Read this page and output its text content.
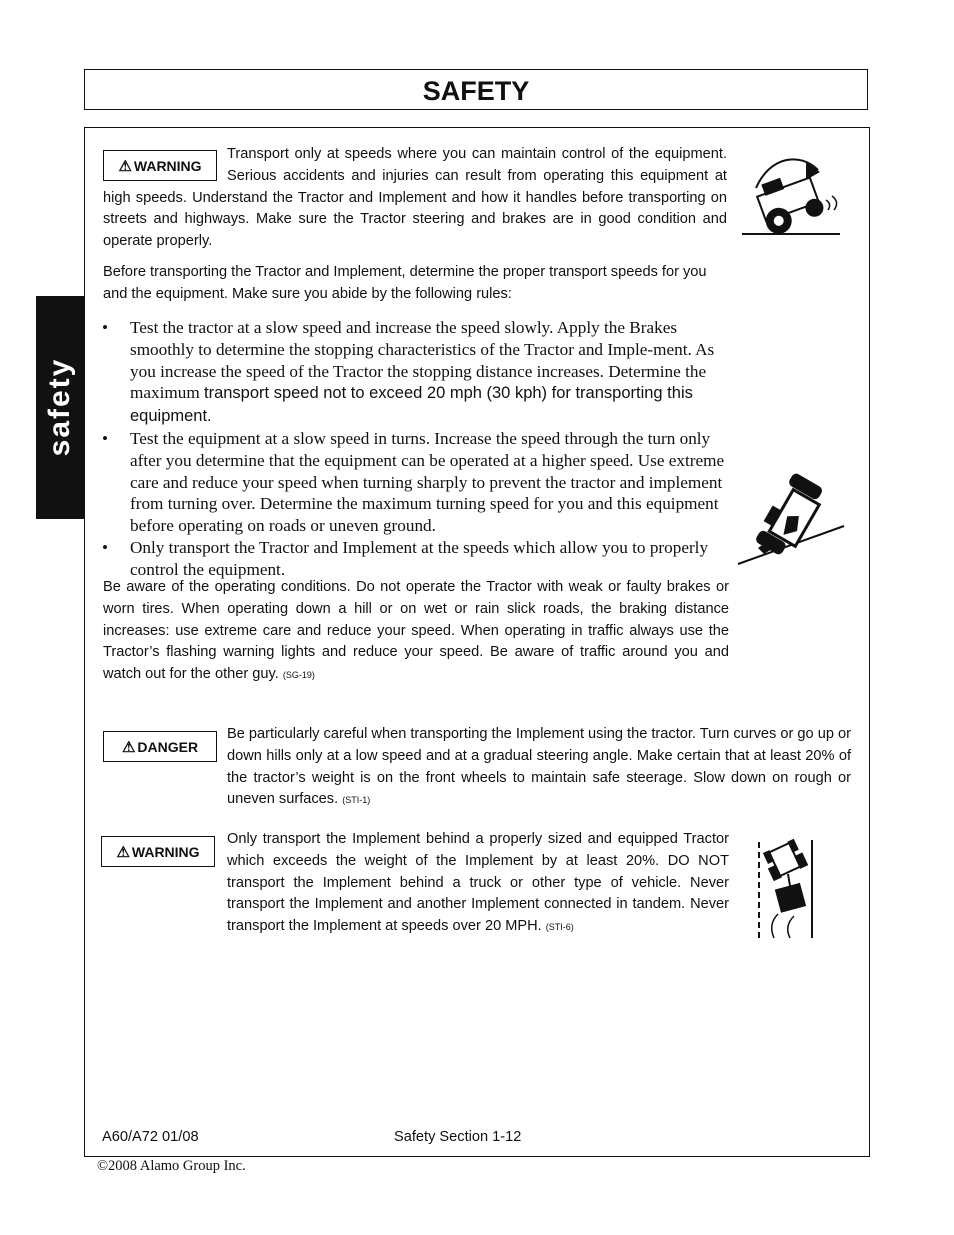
SAFETY
safety
⚠ WARNING
Transport only at speeds where you can maintain control of the equipment. Serious accidents and injuries can result from operating this equipment at high speeds. Understand the Tractor and Implement and how it handles before transporting on streets and highways. Make sure the Tractor steering and brakes are in good condition and operate properly.
Before transporting the Tractor and Implement, determine the proper transport speeds for you and the equipment. Make sure you abide by the following rules:
• Test the tractor at a slow speed and increase the speed slowly. Apply the Brakes smoothly to determine the stopping characteristics of the Tractor and Imple-ment. As you increase the speed of the Tractor the stopping distance increases. Determine the maximum transport speed not to exceed 20 mph (30 kph) for transporting this equipment.
• Test the equipment at a slow speed in turns. Increase the speed through the turn only after you determine that the equipment can be operated at a higher speed. Use extreme care and reduce your speed when turning sharply to prevent the tractor and implement from turning over. Determine the maximum turning speed for you and this equipment before operating on roads or uneven ground.
• Only transport the Tractor and Implement at the speeds which allow you to properly control the equipment.
Be aware of the operating conditions. Do not operate the Tractor with weak or faulty brakes or worn tires. When operating down a hill or on wet or rain slick roads, the braking distance increases: use extreme care and reduce your speed. When operating in traffic always use the Tractor’s flashing warning lights and reduce your speed. Be aware of traffic around you and watch out for the other guy. (SG-19)
⚠ DANGER
Be particularly careful when transporting the Implement using the tractor. Turn curves or go up or down hills only at a low speed and at a gradual steering angle. Make certain that at least 20% of the tractor’s weight is on the front wheels to maintain safe steerage. Slow down on rough or uneven surfaces. (STI-1)
⚠ WARNING
Only transport the Implement behind a properly sized and equipped Tractor which exceeds the weight of the Implement by at least 20%. DO NOT transport the Implement behind a truck or other type of vehicle. Never transport the Implement and another Implement connected in tandem. Never transport the Implement at speeds over 20 MPH. (STI-6)
A60/A72 01/08	Safety Section 1-12
©2008 Alamo Group Inc.
